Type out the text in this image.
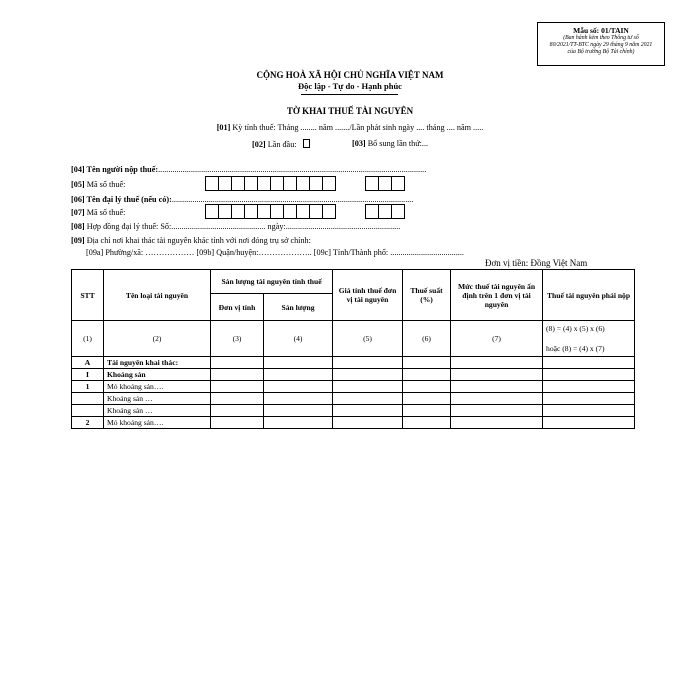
Mẫu số: 01/TAIN
(Ban hành kèm theo Thông tư số
80/2021/TT-BTC ngày 29 tháng 9 năm 2021
của Bộ trưởng Bộ Tài chính)
CỘNG HOÀ XÃ HỘI CHỦ NGHĨA VIỆT NAM
Độc lập - Tự do - Hạnh phúc
TỜ KHAI THUẾ TÀI NGUYÊN
[01] Kỳ tính thuế: Tháng ........ năm ......./Lần phát sinh ngày .... tháng .... năm .....
[02] Lần đầu:	[03] Bổ sung lần thứ:...
[04] Tên người nộp thuế:...................................................................................................................................
[05] Mã số thuế:
[06] Tên đại lý thuế (nếu có):......................................................................................................................
[07] Mã số thuế:
[08] Hợp đồng đại lý thuế: Số:.............................................. ngày:........................................................
[09] Địa chỉ nơi khai thác tài nguyên khác tỉnh với nơi đóng trụ sở chính:
[09a] Phường/xã: ……………… [09b] Quận/huyện:……………….. [09c] Tỉnh/Thành phố: ....................................
Đơn vị tiền: Đồng Việt Nam
STT	Tên loại tài nguyên	Sản lượng tài nguyên tính thuế		Giá tính thuế đơn vị tài nguyên	Thuế suất (%)	Mức thuế tài nguyên ấn định trên 1 đơn vị tài nguyên	Thuế tài nguyên phải nộp
		Đơn vị tính	Sản lượng				
(1)	(2)	(3)	(4)	(5)	(6)	(7)	(8) = (4) x (5) x (6)
hoặc (8) = (4) x (7)

A	Tài nguyên khai thác:						
I	Khoáng sản						
1	Mỏ khoáng sản….						
	Khoáng sản …						
	Khoáng sản …						
2	Mỏ khoáng sản….						
